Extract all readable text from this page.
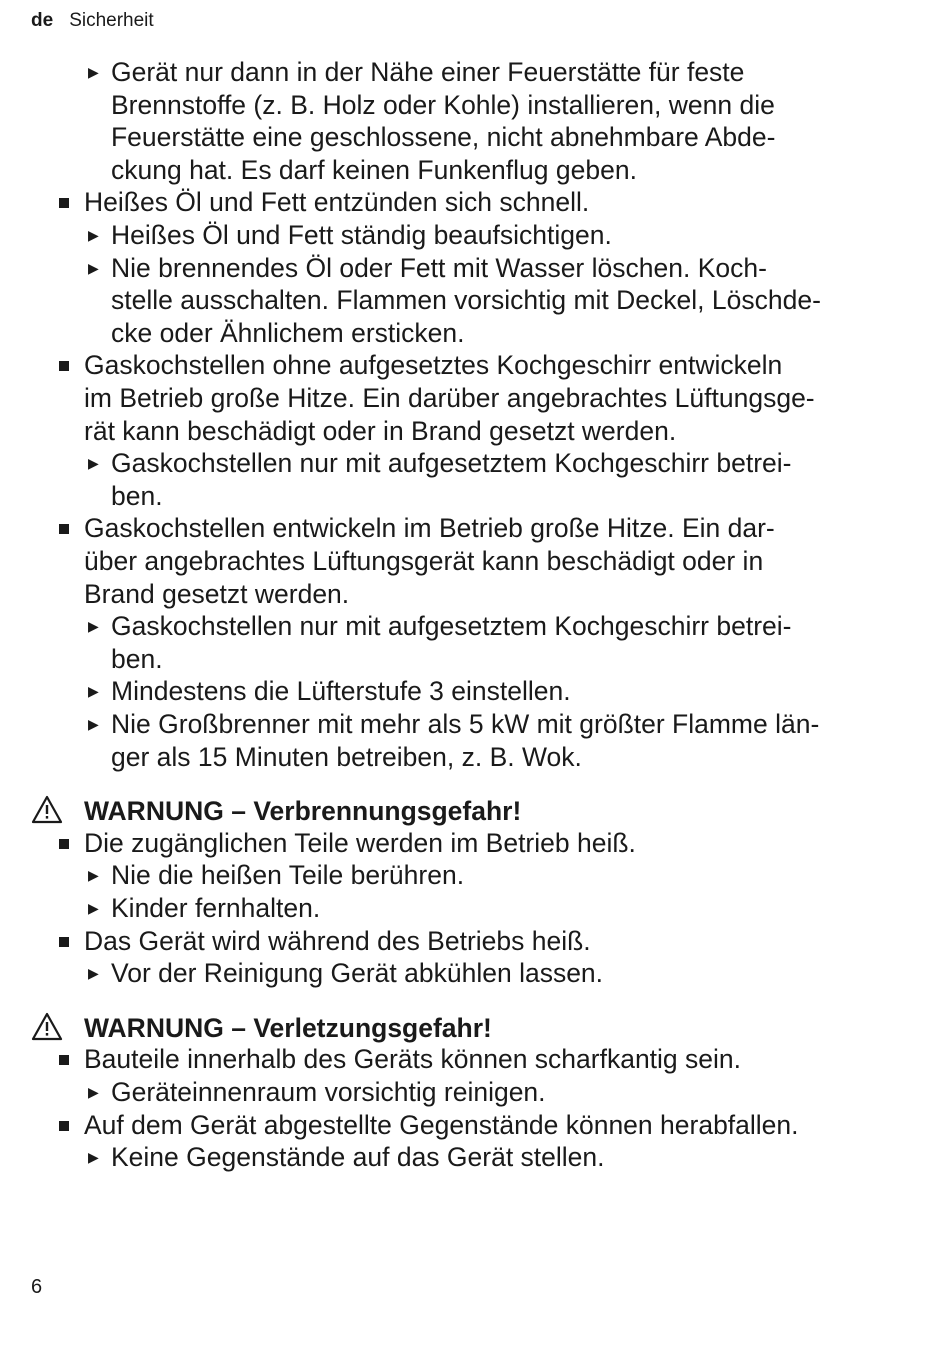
de Sicherheit
▶ Gerät nur dann in der Nähe einer Feuerstätte für feste
Brennstoffe (z. B. Holz oder Kohle) installieren, wenn die
Feuerstätte eine geschlossene, nicht abnehmbare Abde-
ckung hat. Es darf keinen Funkenflug geben.
Heißes Öl und Fett entzünden sich schnell.
▶ Heißes Öl und Fett ständig beaufsichtigen.
▶ Nie brennendes Öl oder Fett mit Wasser löschen. Koch-
stelle ausschalten. Flammen vorsichtig mit Deckel, Löschde-
cke oder Ähnlichem ersticken.
Gaskochstellen ohne aufgesetztes Kochgeschirr entwickeln
im Betrieb große Hitze. Ein darüber angebrachtes Lüftungsge-
rät kann beschädigt oder in Brand gesetzt werden.
▶ Gaskochstellen nur mit aufgesetztem Kochgeschirr betrei-
ben.
Gaskochstellen entwickeln im Betrieb große Hitze. Ein dar-
über angebrachtes Lüftungsgerät kann beschädigt oder in
Brand gesetzt werden.
▶ Gaskochstellen nur mit aufgesetztem Kochgeschirr betrei-
ben.
▶ Mindestens die Lüfterstufe 3 einstellen.
▶ Nie Großbrenner mit mehr als 5 kW mit größter Flamme län-
ger als 15 Minuten betreiben, z. B. Wok.
WARNUNG – Verbrennungsgefahr!
Die zugänglichen Teile werden im Betrieb heiß.
▶ Nie die heißen Teile berühren.
▶ Kinder fernhalten.
Das Gerät wird während des Betriebs heiß.
▶ Vor der Reinigung Gerät abkühlen lassen.
WARNUNG – Verletzungsgefahr!
Bauteile innerhalb des Geräts können scharfkantig sein.
▶ Geräteinnenraum vorsichtig reinigen.
Auf dem Gerät abgestellte Gegenstände können herabfallen.
▶ Keine Gegenstände auf das Gerät stellen.
6
